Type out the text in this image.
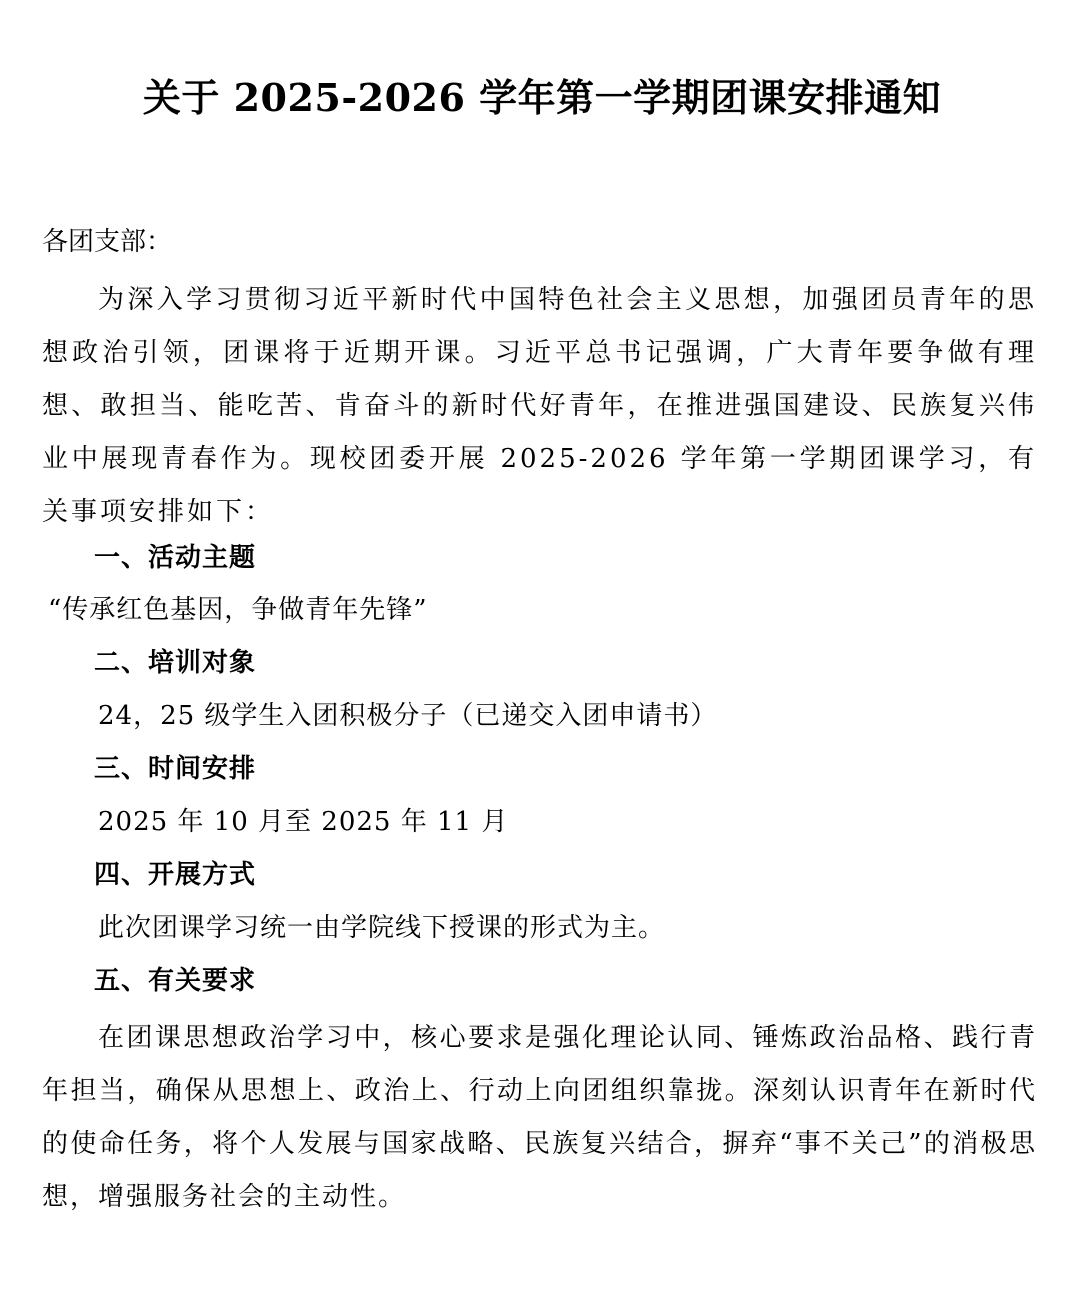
关于 2025-2026 学年第一学期团课安排通知
各团支部：
为深入学习贯彻习近平新时代中国特色社会主义思想，加强团员青年的思想政治引领，团课将于近期开课。习近平总书记强调，广大青年要争做有理想、敢担当、能吃苦、肯奋斗的新时代好青年，在推进强国建设、民族复兴伟业中展现青春作为。现校团委开展 2025-2026 学年第一学期团课学习，有关事项安排如下：
一、活动主题
“传承红色基因，争做青年先锋”
二、培训对象
24，25 级学生入团积极分子（已递交入团申请书）
三、时间安排
2025 年 10 月至 2025 年 11 月
四、开展方式
此次团课学习统一由学院线下授课的形式为主。
五、有关要求
在团课思想政治学习中，核心要求是强化理论认同、锤炼政治品格、践行青年担当，确保从思想上、政治上、行动上向团组织靠拢。深刻认识青年在新时代的使命任务，将个人发展与国家战略、民族复兴结合，摒弃“事不关己”的消极思想，增强服务社会的主动性。
